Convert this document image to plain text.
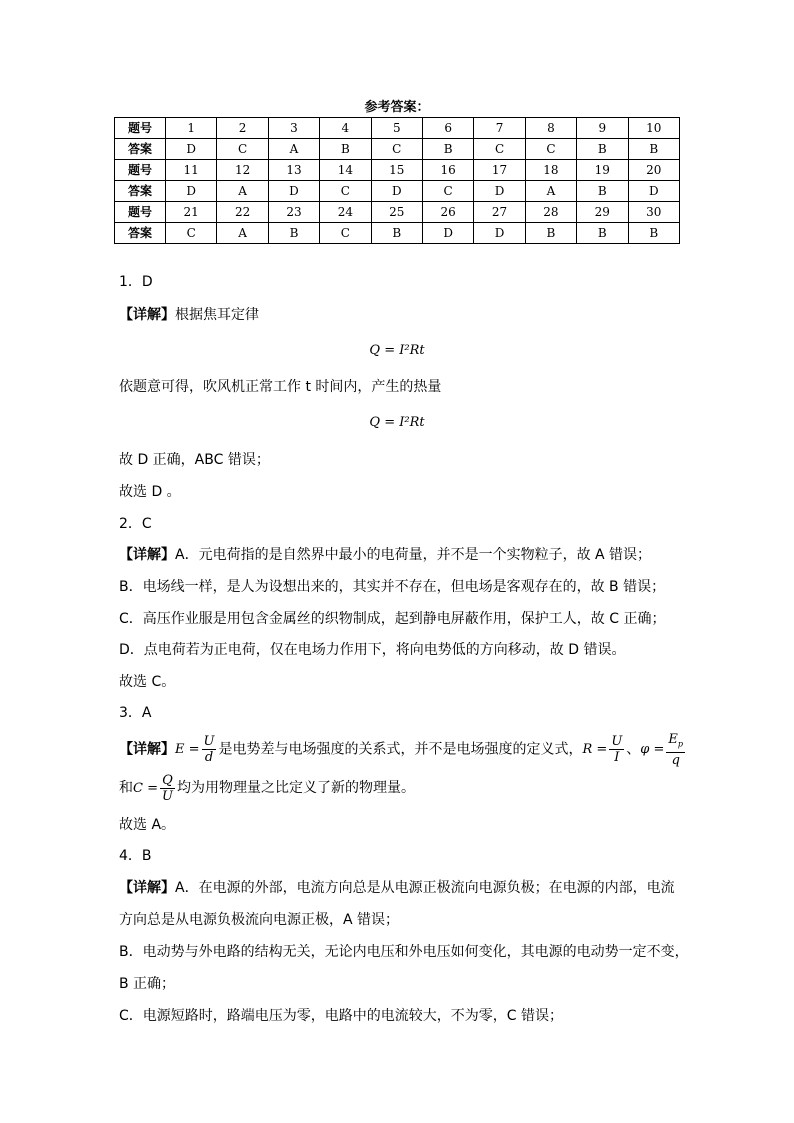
参考答案：
题号	1	2	3	4	5	6	7	8	9	10
答案	D	C	A	B	C	B	C	C	B	B
题号	11	12	13	14	15	16	17	18	19	20
答案	D	A	D	C	D	C	D	A	B	D
题号	21	22	23	24	25	26	27	28	29	30
答案	C	A	B	C	B	D	D	B	B	B
1．D
【详解】根据焦耳定律
Q = I²Rt
依题意可得，吹风机正常工作 t 时间内，产生的热量
Q = I²Rt
故 D 正确，ABC 错误；
故选 D 。
2．C
【详解】A．元电荷指的是自然界中最小的电荷量，并不是一个实物粒子，故 A 错误；
B．电场线一样，是人为设想出来的，其实并不存在，但电场是客观存在的，故 B 错误；
C．高压作业服是用包含金属丝的织物制成，起到静电屏蔽作用，保护工人，故 C 正确；
D．点电荷若为正电荷，仅在电场力作用下，将向电势低的方向移动，故 D 错误。
故选 C。
3．A
【详解】$E = \frac{U}{d}$ 是电势差与电场强度的关系式，并不是电场强度的定义式，$R = \frac{U}{I}$ 、$\varphi = \frac{E_p}{q}$
和$C = \frac{Q}{U}$ 均为用物理量之比定义了新的物理量。
故选 A。
4．B
【详解】A．在电源的外部，电流方向总是从电源正极流向电源负极；在电源的内部，电流
方向总是从电源负极流向电源正极，A 错误；
B．电动势与外电路的结构无关，无论内电压和外电压如何变化，其电源的电动势一定不变，
B 正确；
C．电源短路时，路端电压为零，电路中的电流较大，不为零，C 错误；
